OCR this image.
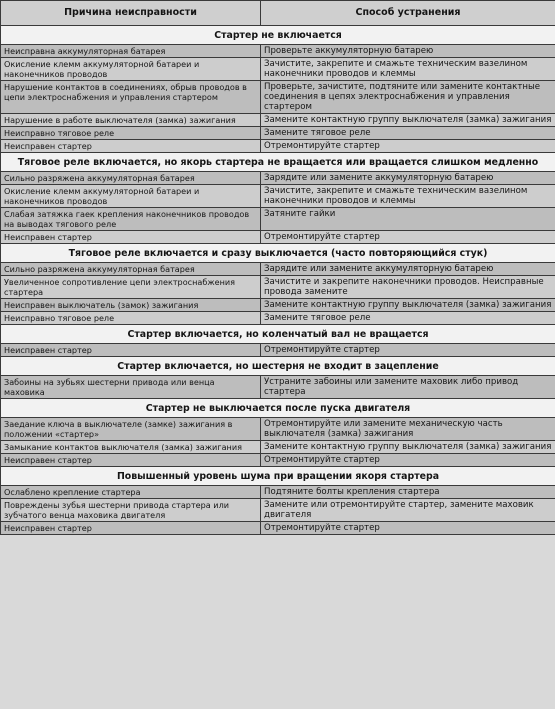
Причина неисправности	Способ устранения
Стартер не включается	
Неисправна аккумуляторная батарея	Проверьте аккумуляторную батарею
Окисление клемм аккумуляторной батареи и наконечников проводов	Зачистите, закрепите и смажьте техническим вазелином наконечники проводов и клеммы
Нарушение контактов в соединениях, обрыв проводов в цепи электроснабжения и управления стартером	Проверьте, зачистите, подтяните или замените контактные соединения в цепях электроснабжения и управления стартером
Нарушение в работе выключателя (замка) зажигания	Замените контактную группу выключателя (замка) зажигания
Неисправно тяговое реле	Замените тяговое реле
Неисправен стартер	Отремонтируйте стартер
Тяговое реле включается, но якорь стартера не вращается или вращается слишком медленно	
Сильно разряжена аккумуляторная батарея	Зарядите или замените аккумуляторную батарею
Окисление клемм аккумуляторной батареи и наконечников проводов	Зачистите, закрепите и смажьте техническим вазелином наконечники проводов и клеммы
Слабая затяжка гаек крепления наконечников проводов на выводах тягового реле	Затяните гайки
Неисправен стартер	Отремонтируйте стартер
Тяговое реле включается и сразу выключается (часто повторяющийся стук)	
Сильно разряжена аккумуляторная батарея	Зарядите или замените аккумуляторную батарею
Увеличенное сопротивление цепи электроснабжения стартера	Зачистите и закрепите наконечники проводов. Неисправные провода замените
Неисправен выключатель (замок) зажигания	Замените контактную группу выключателя (замка) зажигания
Неисправно тяговое реле	Замените тяговое реле
Стартер включается, но коленчатый вал не вращается	
Неисправен стартер	Отремонтируйте стартер
Стартер включается, но шестерня не входит в зацепление	
Забоины на зубьях шестерни привода или венца маховика	Устраните забоины или замените маховик либо привод стартера
Стартер не выключается после пуска двигателя	
Заедание ключа в выключателе (замке) зажигания в положении «стартер»	Отремонтируйте или замените механическую часть выключателя (замка) зажигания
Замыкание контактов выключателя (замка) зажигания	Замените контактную группу выключателя (замка) зажигания
Неисправен стартер	Отремонтируйте стартер
Повышенный уровень шума при вращении якоря стартера	
Ослаблено крепление стартера	Подтяните болты крепления стартера
Повреждены зубья шестерни привода стартера или зубчатого венца маховика двигателя	Замените или отремонтируйте стартер, замените маховик двигателя
Неисправен стартер	Отремонтируйте стартер
